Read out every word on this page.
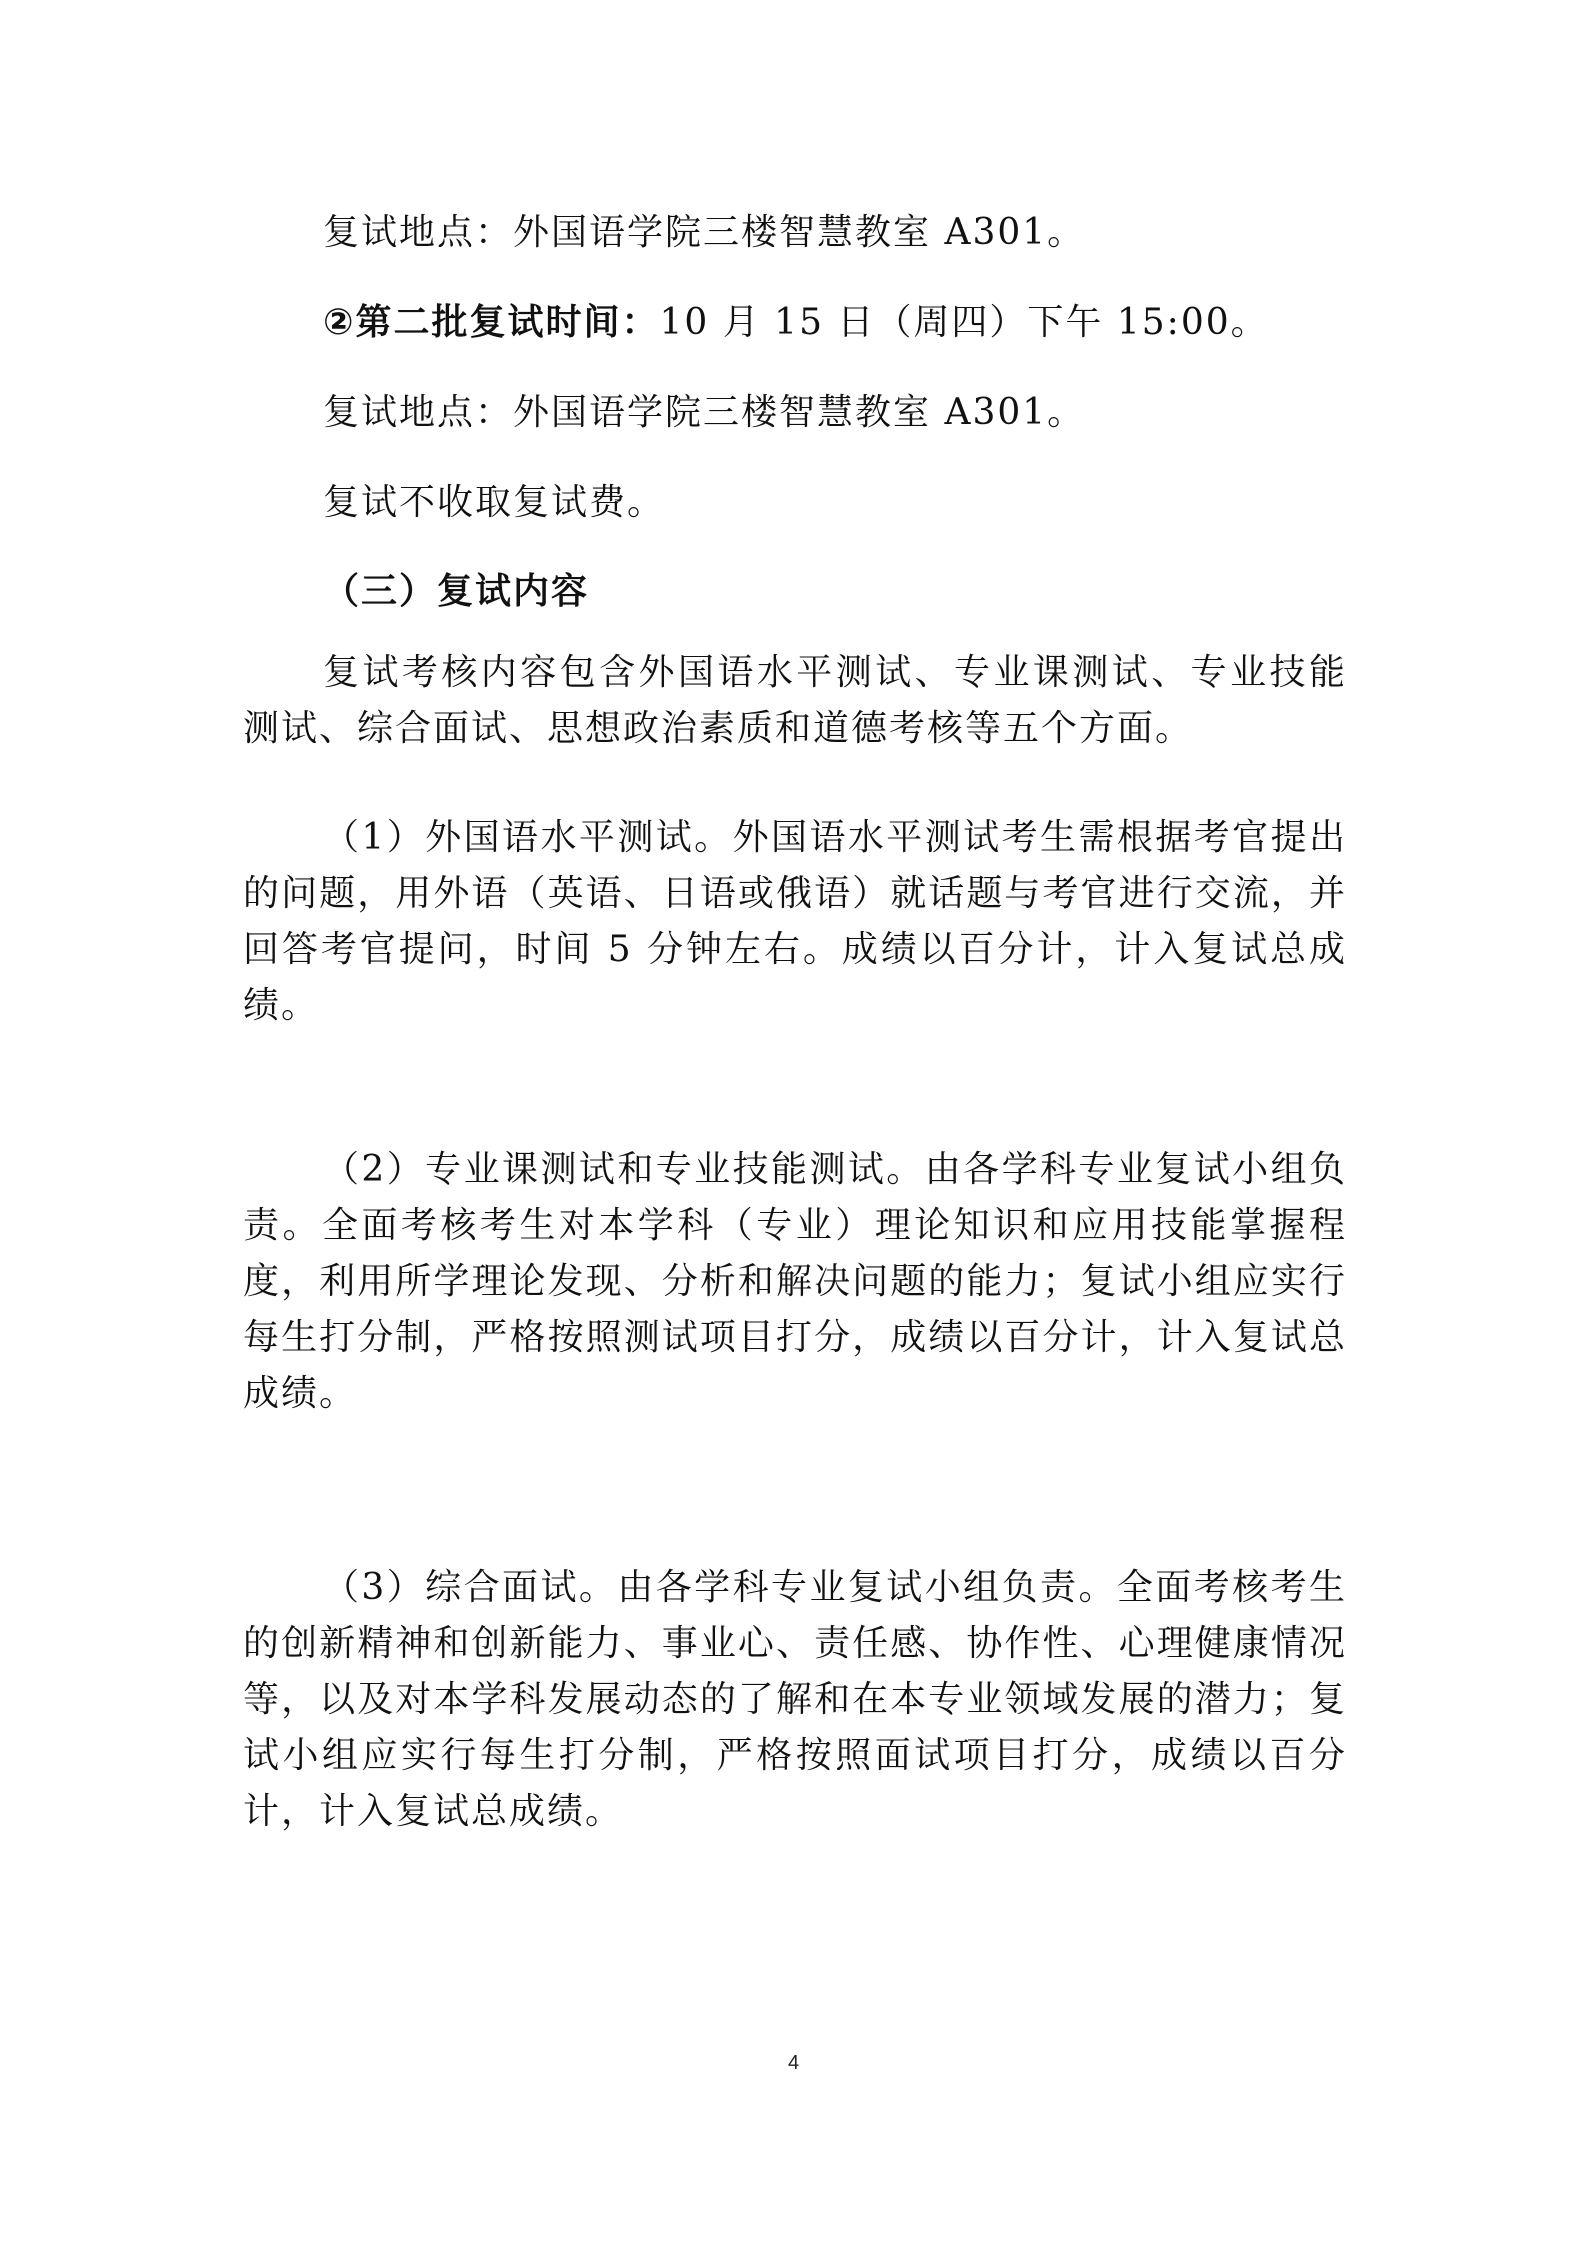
复试地点：外国语学院三楼智慧教室 A301。
②第二批复试时间：10 月 15 日（周四）下午 15:00。
复试地点：外国语学院三楼智慧教室 A301。
复试不收取复试费。
（三）复试内容
复试考核内容包含外国语水平测试、专业课测试、专业技能测试、综合面试、思想政治素质和道德考核等五个方面。
（1）外国语水平测试。外国语水平测试考生需根据考官提出的问题，用外语（英语、日语或俄语）就话题与考官进行交流，并回答考官提问，时间 5 分钟左右。成绩以百分计，计入复试总成绩。
（2）专业课测试和专业技能测试。由各学科专业复试小组负责。全面考核考生对本学科（专业）理论知识和应用技能掌握程度，利用所学理论发现、分析和解决问题的能力；复试小组应实行每生打分制，严格按照测试项目打分，成绩以百分计，计入复试总成绩。
（3）综合面试。由各学科专业复试小组负责。全面考核考生的创新精神和创新能力、事业心、责任感、协作性、心理健康情况等，以及对本学科发展动态的了解和在本专业领域发展的潜力；复试小组应实行每生打分制，严格按照面试项目打分，成绩以百分计，计入复试总成绩。
4
